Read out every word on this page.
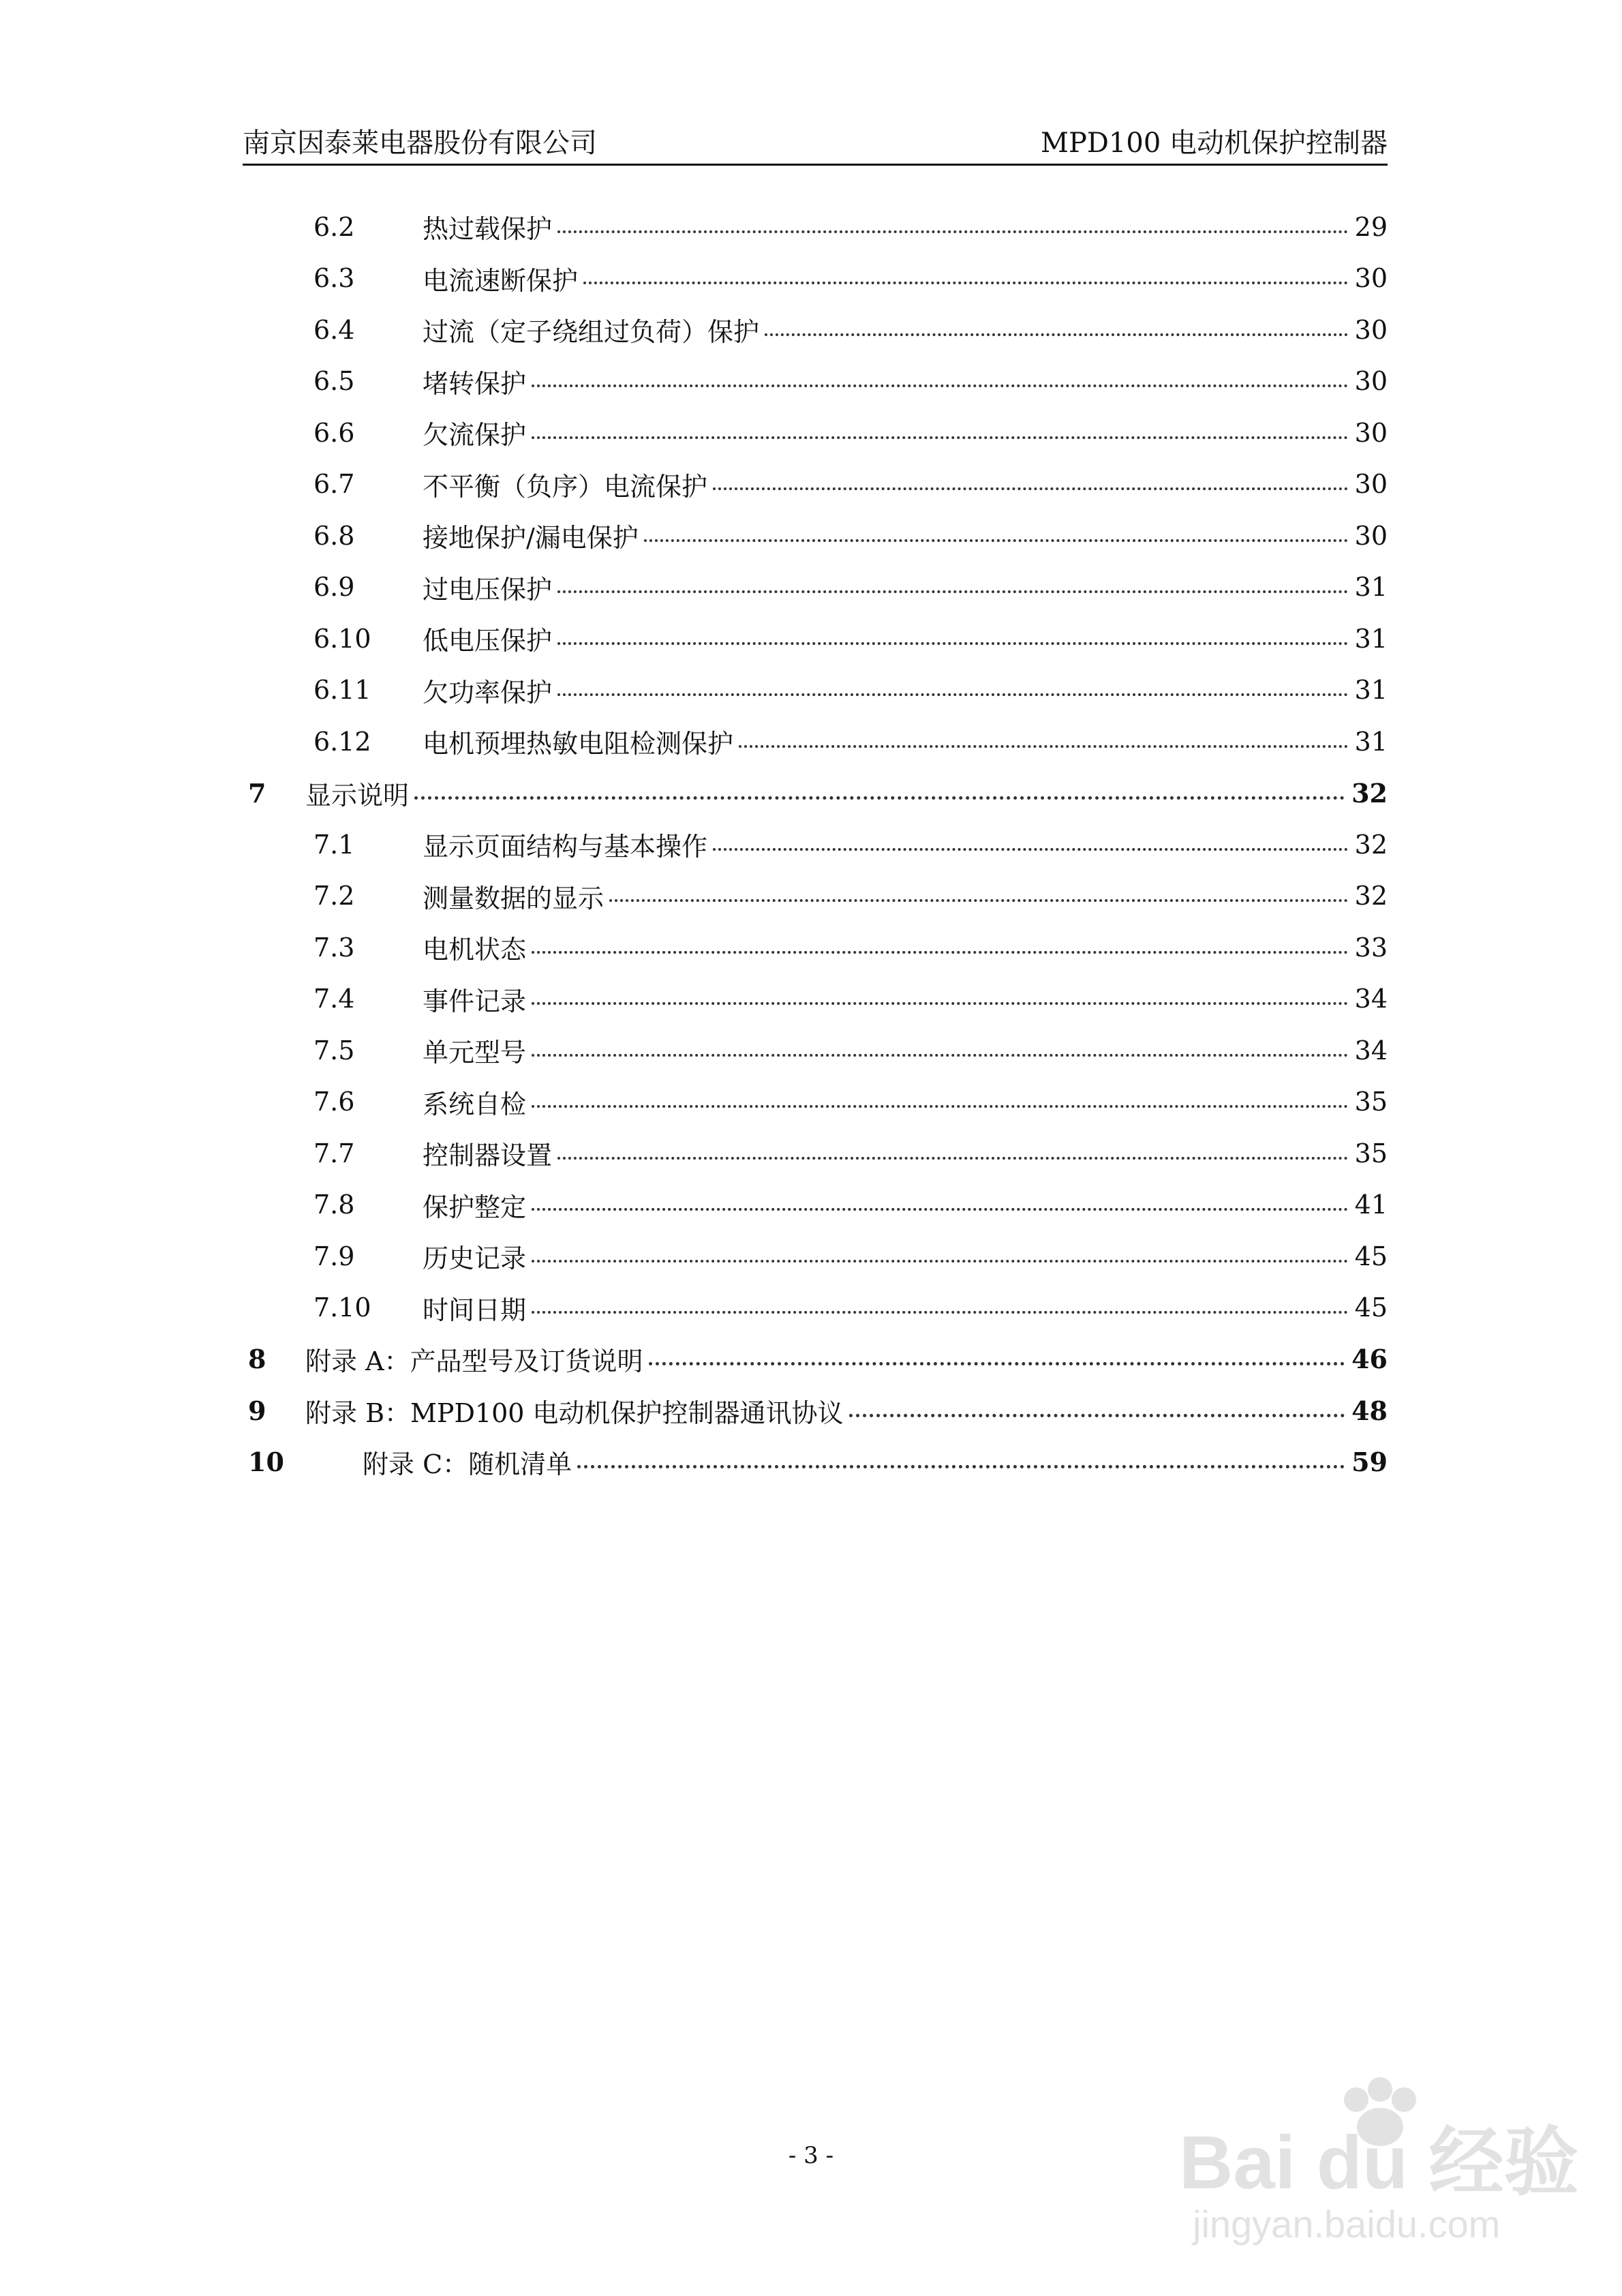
南京因泰莱电器股份有限公司	MPD100 电动机保护控制器
6.2	热过载保护	29
6.3	电流速断保护	30
6.4	过流（定子绕组过负荷）保护	30
6.5	堵转保护	30
6.6	欠流保护	30
6.7	不平衡（负序）电流保护	30
6.8	接地保护/漏电保护	30
6.9	过电压保护	31
6.10 低电压保护	31
6.11 欠功率保护	31
6.12 电机预埋热敏电阻检测保护	31
7 显示说明	32
7.1	显示页面结构与基本操作	32
7.2	测量数据的显示	32
7.3	电机状态	33
7.4	事件记录	34
7.5	单元型号	34
7.6	系统自检	35
7.7	控制器设置	35
7.8	保护整定	41
7.9	历史记录	45
7.10 时间日期	45
8 附录 A：产品型号及订货说明	46
9 附录 B：MPD100 电动机保护控制器通讯协议	48
10	附录 C：随机清单	59
- 3 -	Bai du 经验
jingyan.baidu.com
